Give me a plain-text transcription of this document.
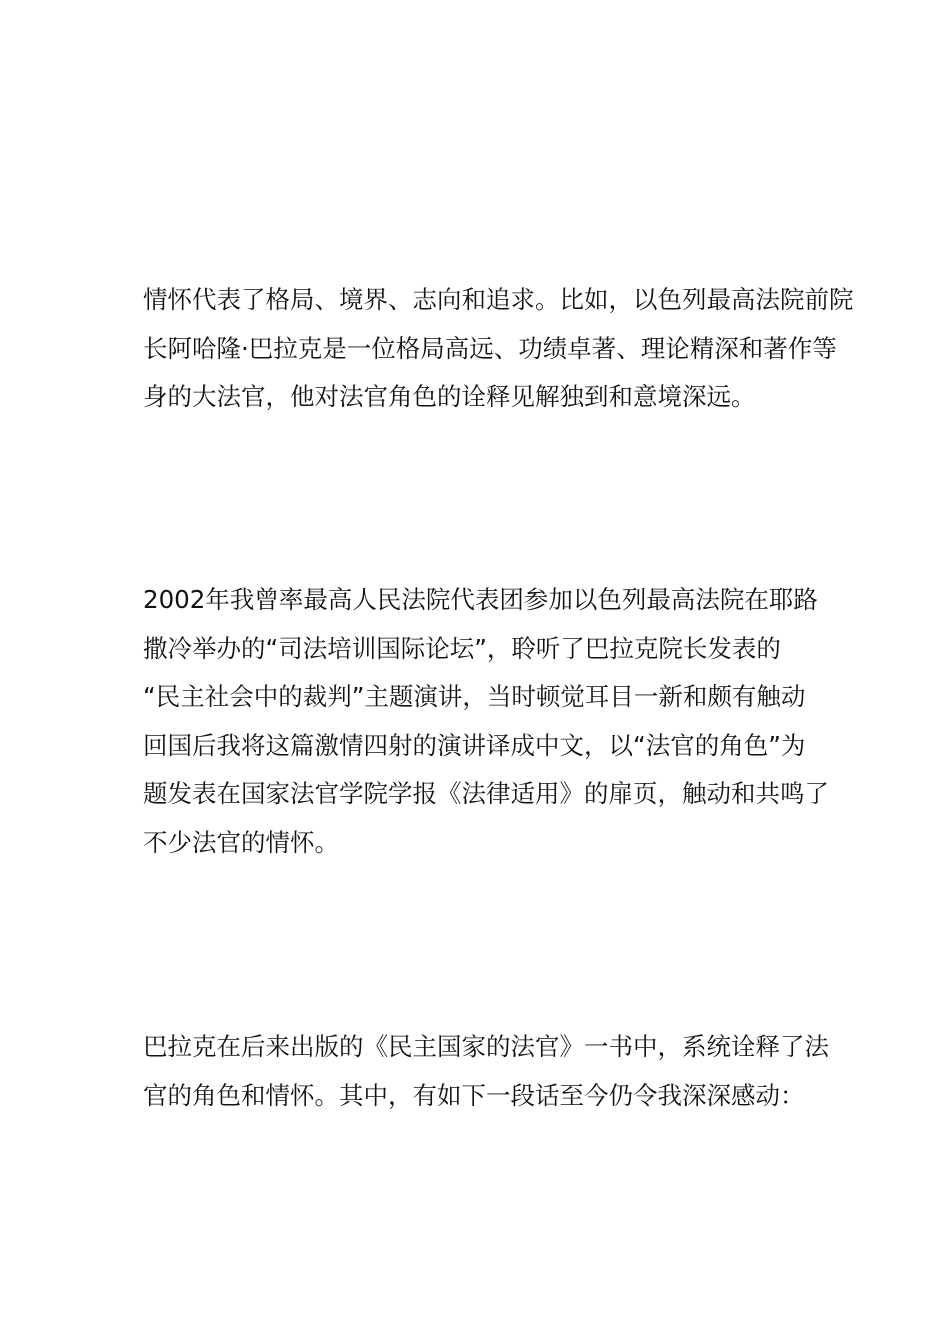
情怀代表了格局、境界、志向和追求。比如，以色列最高法院前院
长阿哈隆·巴拉克是一位格局高远、功绩卓著、理论精深和著作等
身的大法官，他对法官角色的诠释见解独到和意境深远。
2002年我曾率最高人民法院代表团参加以色列最高法院在耶路
撒冷举办的“司法培训国际论坛”，聆听了巴拉克院长发表的
“民主社会中的裁判”主题演讲，当时顿觉耳目一新和颇有触动
回国后我将这篇激情四射的演讲译成中文，以“法官的角色”为
题发表在国家法官学院学报《法律适用》的扉页，触动和共鸣了
不少法官的情怀。
巴拉克在后来出版的《民主国家的法官》一书中，系统诠释了法
官的角色和情怀。其中，有如下一段话至今仍令我深深感动：
